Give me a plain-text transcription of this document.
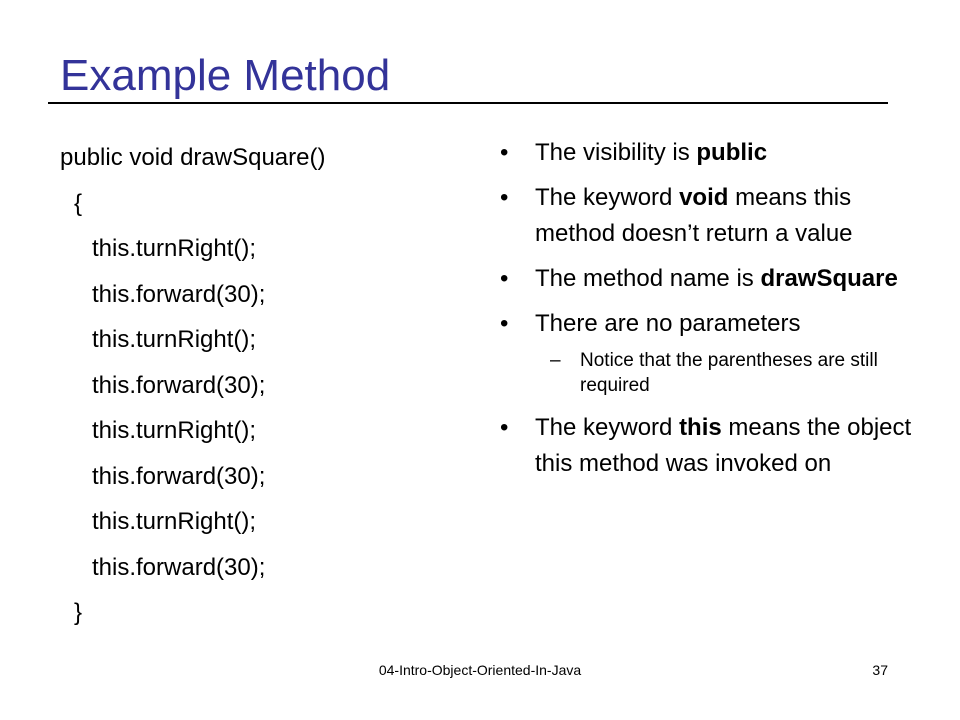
Example Method
public void drawSquare()
{
this.turnRight();
this.forward(30);
this.turnRight();
this.forward(30);
this.turnRight();
this.forward(30);
this.turnRight();
this.forward(30);
}
• The visibility is public
• The keyword void means this method doesn’t return a value
• The method name is drawSquare
• There are no parameters
– Notice that the parentheses are still required
• The keyword this means the object this method was invoked on
04-Intro-Object-Oriented-In-Java	37
